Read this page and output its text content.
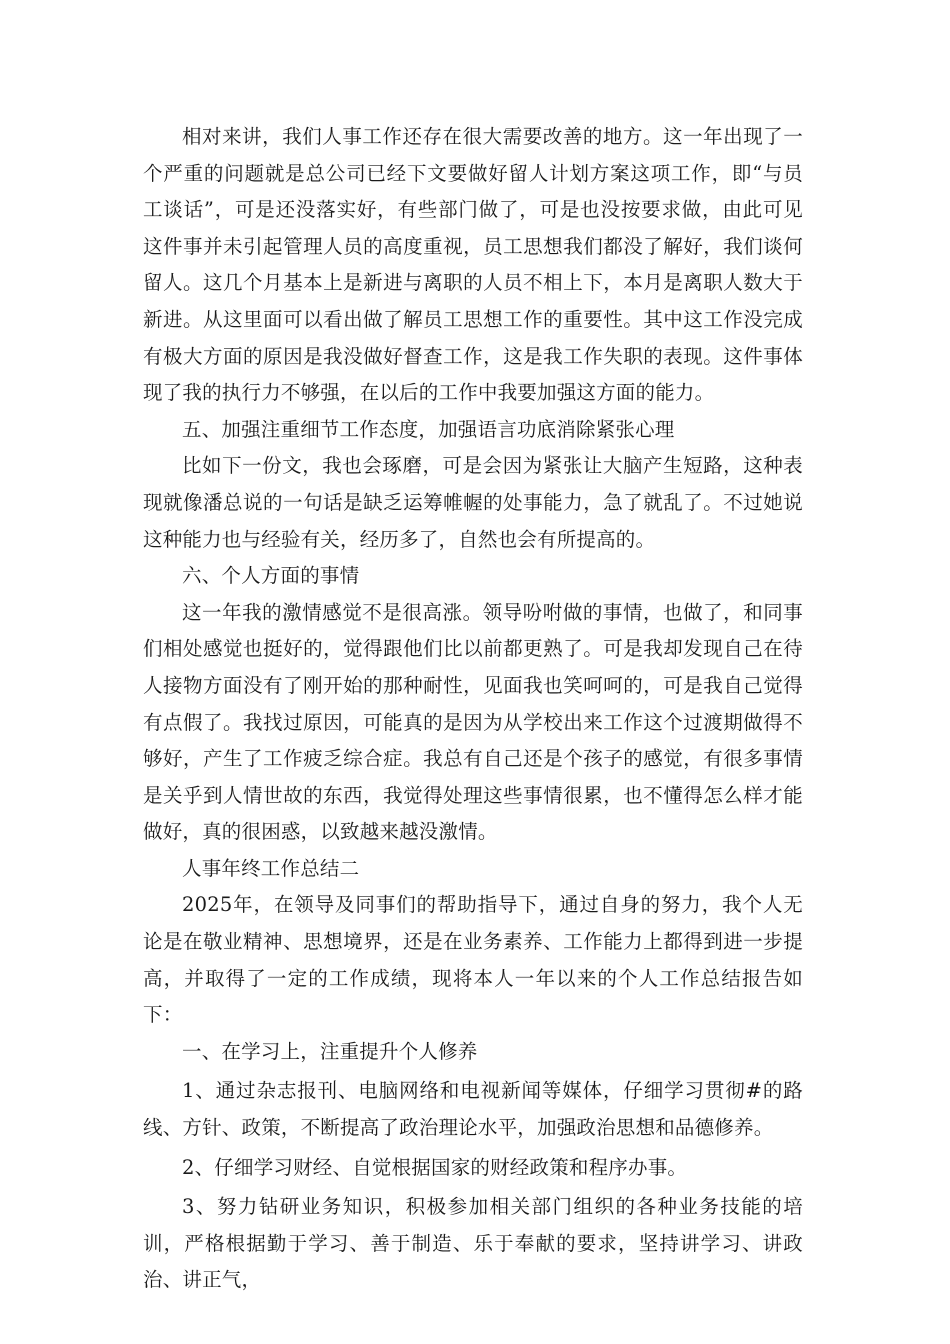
相对来讲，我们人事工作还存在很大需要改善的地方。这一年出现了一个严重的问题就是总公司已经下文要做好留人计划方案这项工作，即“与员工谈话”，可是还没落实好，有些部门做了，可是也没按要求做，由此可见这件事并未引起管理人员的高度重视，员工思想我们都没了解好，我们谈何留人。这几个月基本上是新进与离职的人员不相上下，本月是离职人数大于新进。从这里面可以看出做了解员工思想工作的重要性。其中这工作没完成有极大方面的原因是我没做好督查工作，这是我工作失职的表现。这件事体现了我的执行力不够强，在以后的工作中我要加强这方面的能力。

五、加强注重细节工作态度，加强语言功底消除紧张心理

比如下一份文，我也会琢磨，可是会因为紧张让大脑产生短路，这种表现就像潘总说的一句话是缺乏运筹帷幄的处事能力，急了就乱了。不过她说这种能力也与经验有关，经历多了，自然也会有所提高的。

六、个人方面的事情

这一年我的激情感觉不是很高涨。领导吩咐做的事情，也做了，和同事们相处感觉也挺好的，觉得跟他们比以前都更熟了。可是我却发现自己在待人接物方面没有了刚开始的那种耐性，见面我也笑呵呵的，可是我自己觉得有点假了。我找过原因，可能真的是因为从学校出来工作这个过渡期做得不够好，产生了工作疲乏综合症。我总有自己还是个孩子的感觉，有很多事情是关乎到人情世故的东西，我觉得处理这些事情很累，也不懂得怎么样才能做好，真的很困惑，以致越来越没激情。

人事年终工作总结二

2025年，在领导及同事们的帮助指导下，通过自身的努力，我个人无论是在敬业精神、思想境界，还是在业务素养、工作能力上都得到进一步提高，并取得了一定的工作成绩，现将本人一年以来的个人工作总结报告如下：

一、在学习上，注重提升个人修养

1、通过杂志报刊、电脑网络和电视新闻等媒体，仔细学习贯彻#的路线、方针、政策，不断提高了政治理论水平，加强政治思想和品德修养。

2、仔细学习财经、自觉根据国家的财经政策和程序办事。

3、努力钻研业务知识，积极参加相关部门组织的各种业务技能的培训，严格根据勤于学习、善于制造、乐于奉献的要求，坚持讲学习、讲政治、讲正气，
